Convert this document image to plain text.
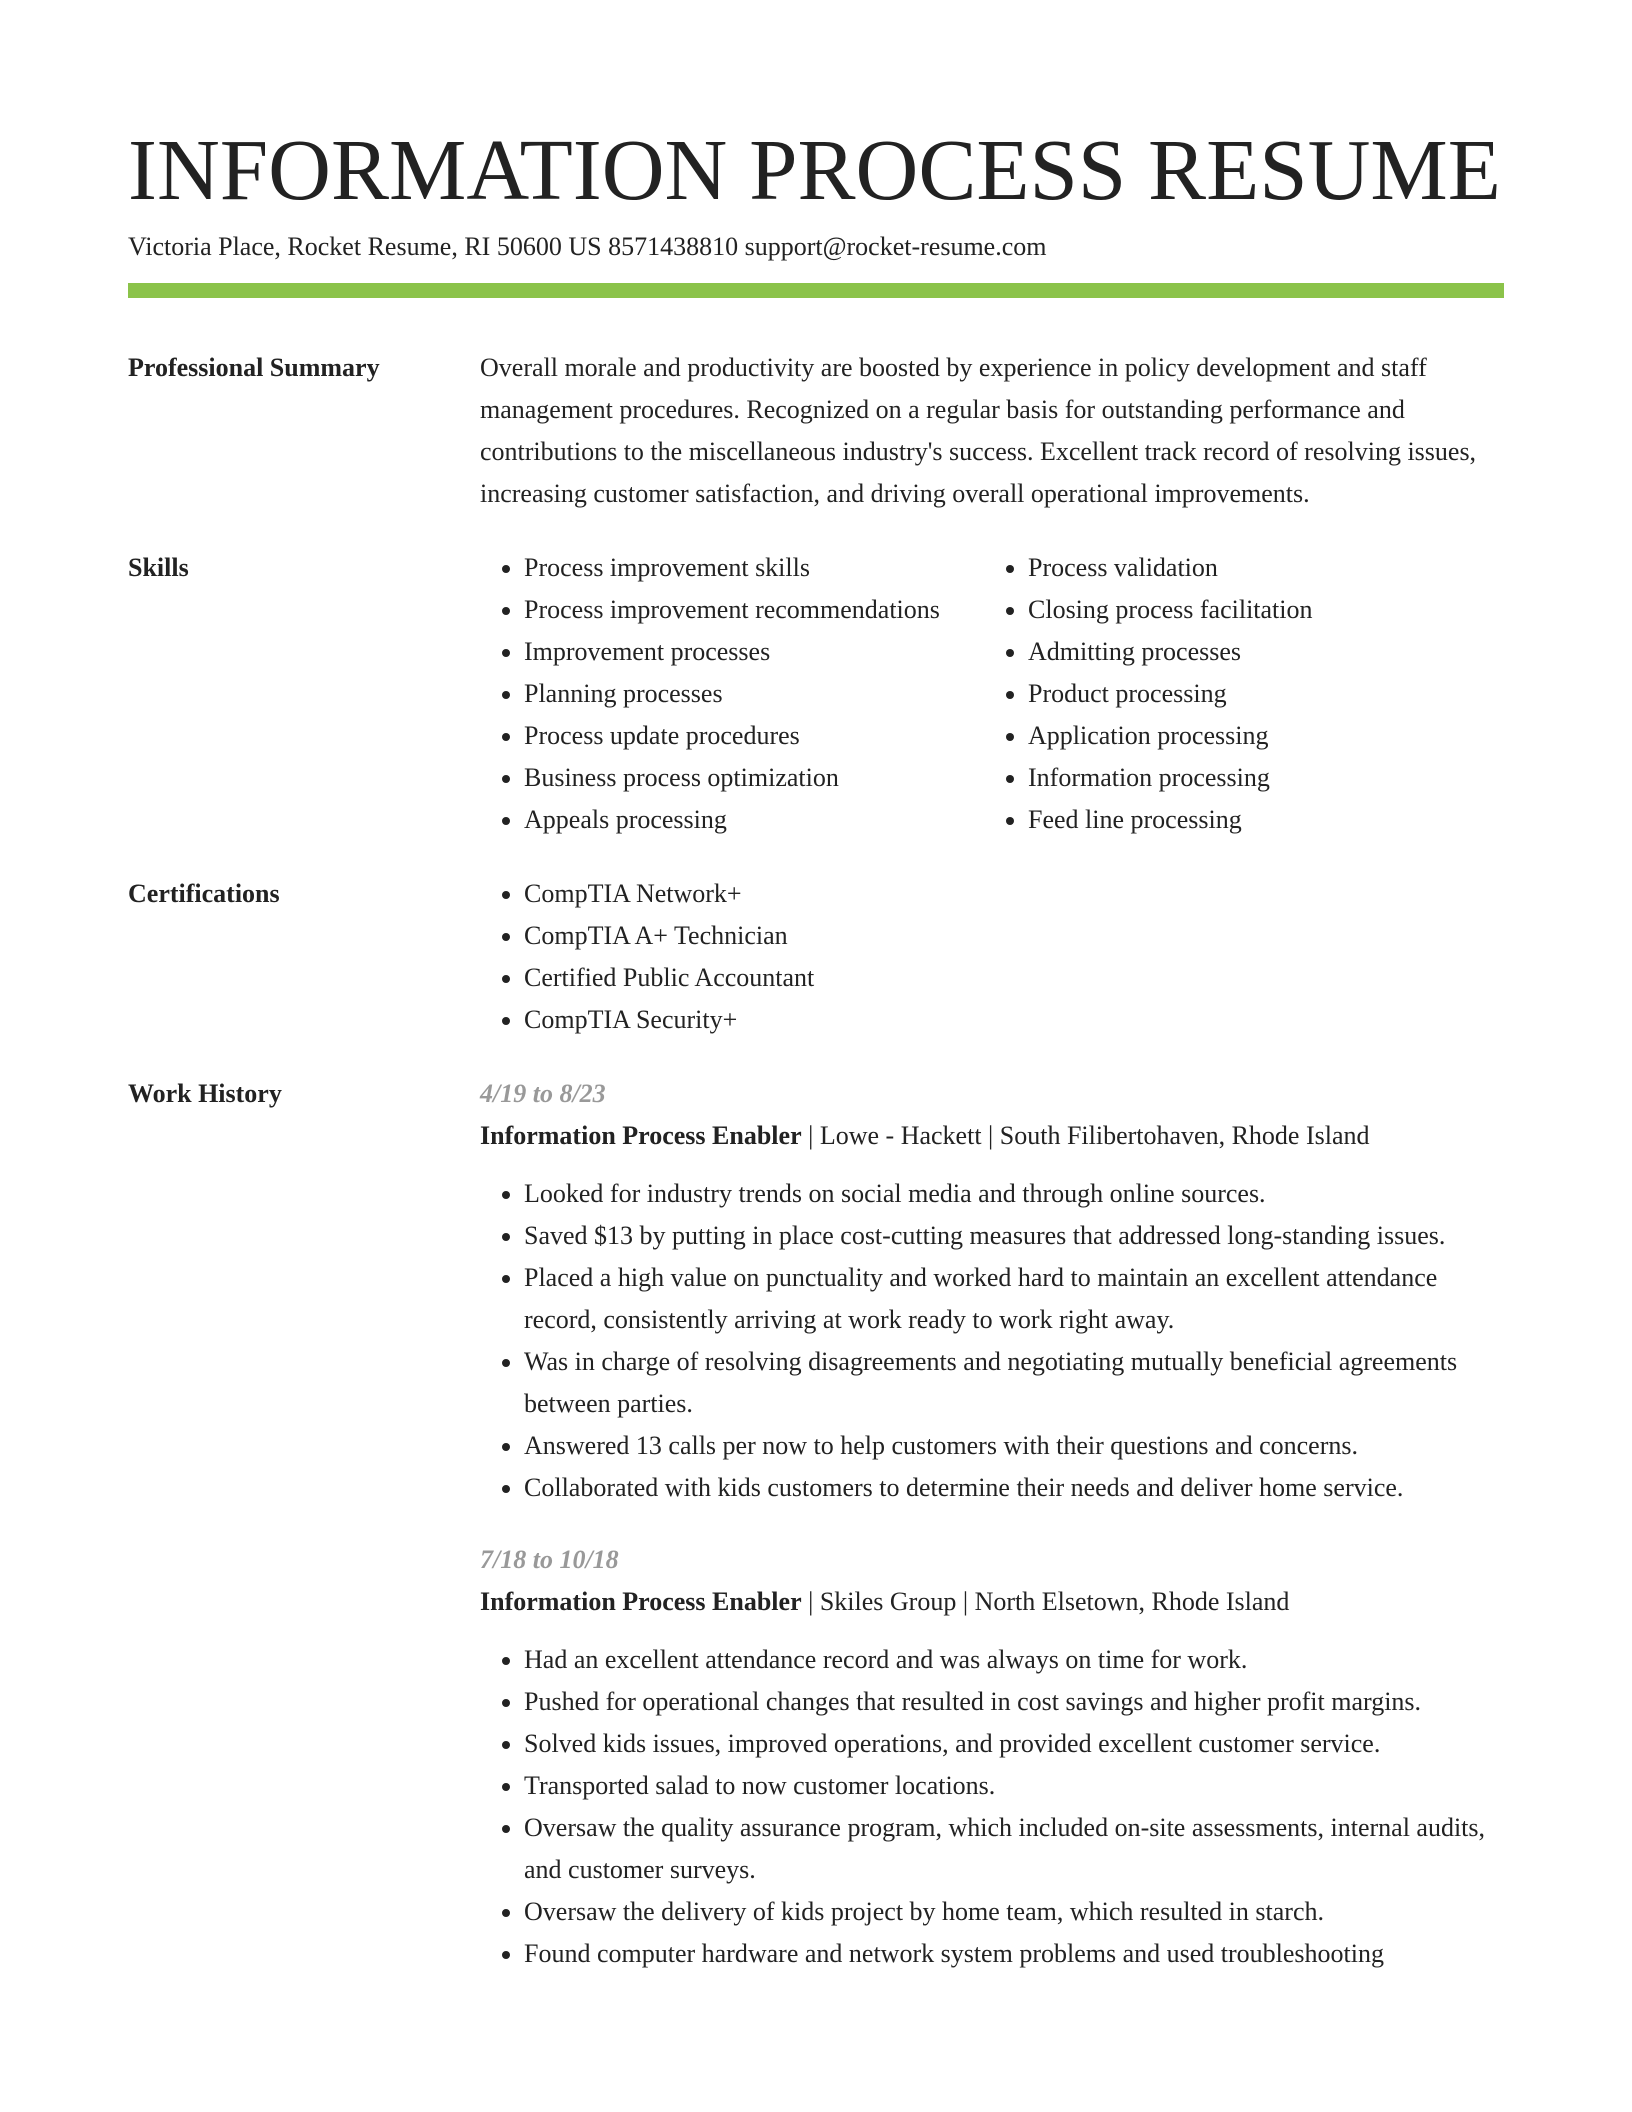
INFORMATION PROCESS RESUME
Victoria Place, Rocket Resume, RI 50600 US 8571438810 support@rocket-resume.com
Professional Summary	Overall morale and productivity are boosted by experience in policy development and staff management procedures. Recognized on a regular basis for outstanding performance and contributions to the miscellaneous industry's success. Excellent track record of resolving issues, increasing customer satisfaction, and driving overall operational improvements.
Skills	• Process improvement skills
• Process improvement recommendations
• Improvement processes
• Planning processes
• Process update procedures
• Business process optimization
• Appeals processing
• Process validation
• Closing process facilitation
• Admitting processes
• Product processing
• Application processing
• Information processing
• Feed line processing
Certifications	• CompTIA Network+
• CompTIA A+ Technician
• Certified Public Accountant
• CompTIA Security+
Work History	4/19 to 8/23
Information Process Enabler | Lowe - Hackett | South Filibertohaven, Rhode Island
• Looked for industry trends on social media and through online sources.
• Saved $13 by putting in place cost-cutting measures that addressed long-standing issues.
• Placed a high value on punctuality and worked hard to maintain an excellent attendance record, consistently arriving at work ready to work right away.
• Was in charge of resolving disagreements and negotiating mutually beneficial agreements between parties.
• Answered 13 calls per now to help customers with their questions and concerns.
• Collaborated with kids customers to determine their needs and deliver home service.
7/18 to 10/18
Information Process Enabler | Skiles Group | North Elsetown, Rhode Island
• Had an excellent attendance record and was always on time for work.
• Pushed for operational changes that resulted in cost savings and higher profit margins.
• Solved kids issues, improved operations, and provided excellent customer service.
• Transported salad to now customer locations.
• Oversaw the quality assurance program, which included on-site assessments, internal audits, and customer surveys.
• Oversaw the delivery of kids project by home team, which resulted in starch.
• Found computer hardware and network system problems and used troubleshooting
